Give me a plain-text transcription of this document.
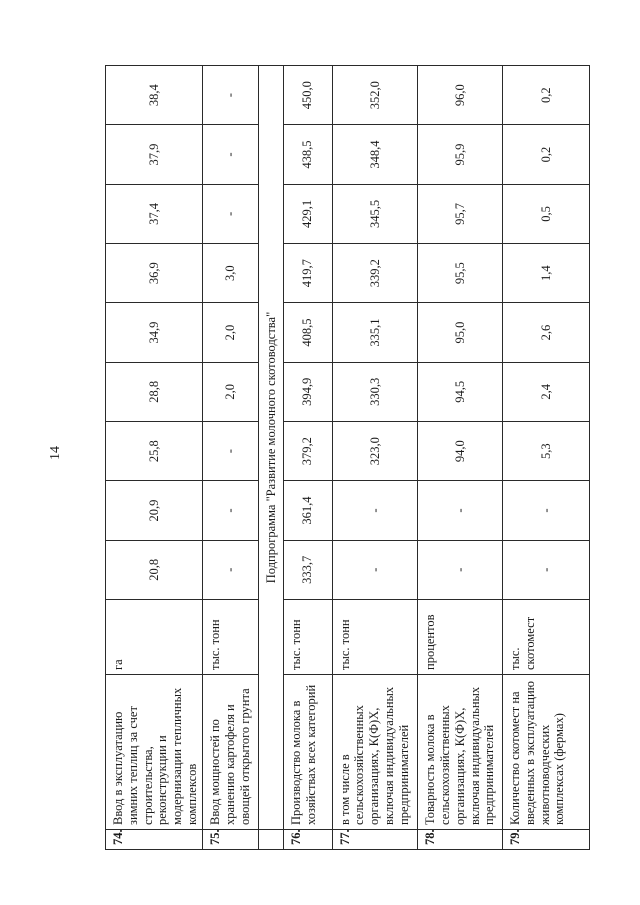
14
74.	Ввод в эксплуатацию зимних теплиц за счет строительства, реконструкции и модернизации тепличных комплексов	га	20,8	20,9	25,8	28,8	34,9	36,9	37,4	37,9	38,4
75.	Ввод мощностей по хранению картофеля и овощей открытого грунта	тыс. тонн	-	-	-	2,0	2,0	3,0	-	-	-
	Подпрограмма "Развитие молочного скотоводства"										
76.	Производство молока в хозяйствах всех категорий	тыс. тонн	333,7	361,4	379,2	394,9	408,5	419,7	429,1	438,5	450,0
77.	в том числе в сельскохозяйственных организациях, К(Ф)Х, включая индивидуальных предпринимателей	тыс. тонн	-	-	323,0	330,3	335,1	339,2	345,5	348,4	352,0
78.	Товарность молока в сельскохозяйственных организациях, К(Ф)Х, включая индивидуальных предпринимателей	процентов	-	-	94,0	94,5	95,0	95,5	95,7	95,9	96,0
79.	Количество скотомест на введенных в эксплуатацию животноводческих комплексах (фермах)	тыс. скотомест	-	-	5,3	2,4	2,6	1,4	0,5	0,2	0,2
